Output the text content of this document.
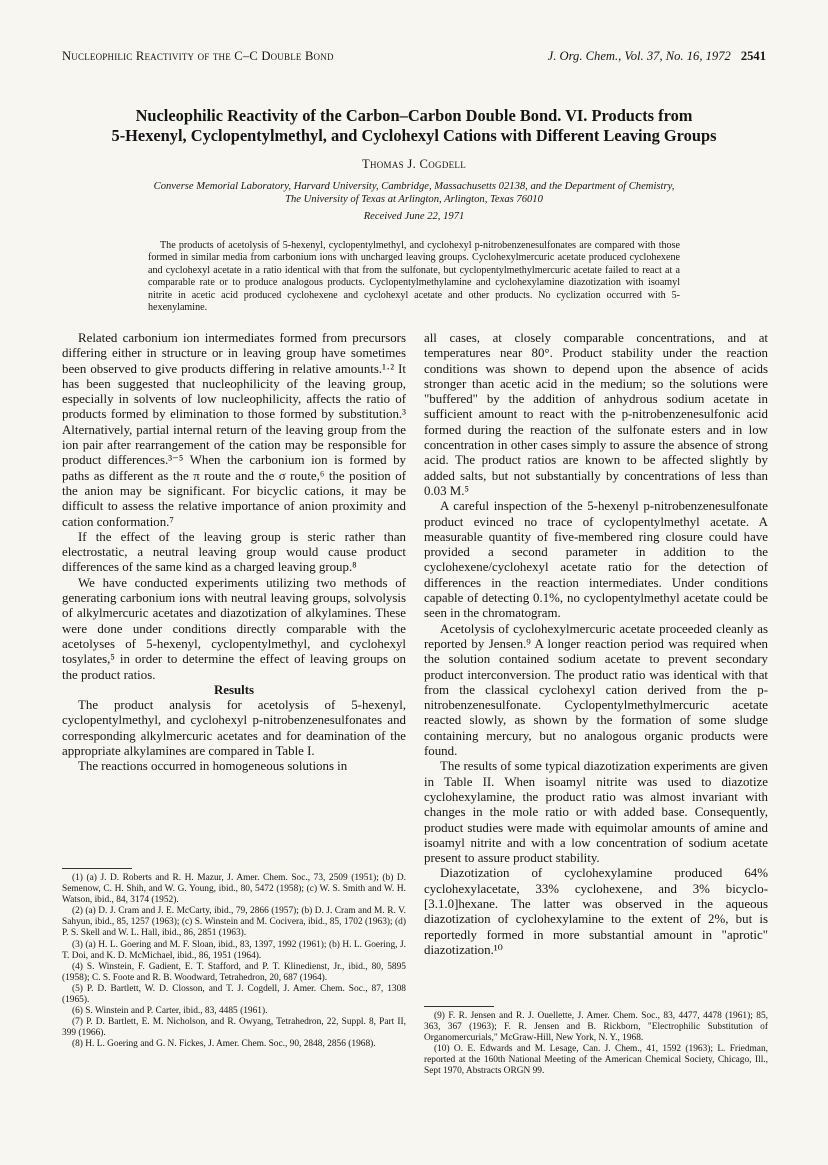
Nucleophilic Reactivity of the C–C Double Bond	J. Org. Chem., Vol. 37, No. 16, 1972 2541
Nucleophilic Reactivity of the Carbon–Carbon Double Bond. VI. Products from
5-Hexenyl, Cyclopentylmethyl, and Cyclohexyl Cations with Different Leaving Groups
Thomas J. Cogdell
Converse Memorial Laboratory, Harvard University, Cambridge, Massachusetts 02138, and the Department of Chemistry,
The University of Texas at Arlington, Arlington, Texas 76010
Received June 22, 1971

The products of acetolysis of 5-hexenyl, cyclopentylmethyl, and cyclohexyl p-nitrobenzenesulfonates are compared with those formed in similar media from carbonium ions with uncharged leaving groups. Cyclohexylmercuric acetate produced cyclohexene and cyclohexyl acetate in a ratio identical with that from the sulfonate, but cyclopentylmethylmercuric acetate failed to react at a comparable rate or to produce analogous products. Cyclopentylmethylamine and cyclohexylamine diazotization with isoamyl nitrite in acetic acid produced cyclohexene and cyclohexyl acetate and other products. No cyclization occurred with 5-hexenylamine.

Related carbonium ion intermediates formed from precursors differing either in structure or in leaving group have sometimes been observed to give products differing in relative amounts.¹·² It has been suggested that nucleophilicity of the leaving group, especially in solvents of low nucleophilicity, affects the ratio of products formed by elimination to those formed by substitution.³ Alternatively, partial internal return of the leaving group from the ion pair after rearrangement of the cation may be responsible for product differences.³⁻⁵ When the carbonium ion is formed by paths as different as the π route and the σ route,⁶ the position of the anion may be significant. For bicyclic cations, it may be difficult to assess the relative importance of anion proximity and cation conformation.⁷

If the effect of the leaving group is steric rather than electrostatic, a neutral leaving group would cause product differences of the same kind as a charged leaving group.⁸

We have conducted experiments utilizing two methods of generating carbonium ions with neutral leaving groups, solvolysis of alkylmercuric acetates and diazotization of alkylamines. These were done under conditions directly comparable with the acetolyses of 5-hexenyl, cyclopentylmethyl, and cyclohexyl tosylates,⁵ in order to determine the effect of leaving groups on the product ratios.

Results

The product analysis for acetolysis of 5-hexenyl, cyclopentylmethyl, and cyclohexyl p-nitrobenzenesulfonates and corresponding alkylmercuric acetates and for deamination of the appropriate alkylamines are compared in Table I.

The reactions occurred in homogeneous solutions in

(1) (a) J. D. Roberts and R. H. Mazur, J. Amer. Chem. Soc., 73, 2509 (1951); (b) D. Semenow, C. H. Shih, and W. G. Young, ibid., 80, 5472 (1958); (c) W. S. Smith and W. H. Watson, ibid., 84, 3174 (1952).

(2) (a) D. J. Cram and J. E. McCarty, ibid., 79, 2866 (1957); (b) D. J. Cram and M. R. V. Sahyun, ibid., 85, 1257 (1963); (c) S. Winstein and M. Cocivera, ibid., 85, 1702 (1963); (d) P. S. Skell and W. L. Hall, ibid., 86, 2851 (1963).

(3) (a) H. L. Goering and M. F. Sloan, ibid., 83, 1397, 1992 (1961); (b) H. L. Goering, J. T. Doi, and K. D. McMichael, ibid., 86, 1951 (1964).

(4) S. Winstein, F. Gadient, E. T. Stafford, and P. T. Klinedienst, Jr., ibid., 80, 5895 (1958); C. S. Foote and R. B. Woodward, Tetrahedron, 20, 687 (1964).

(5) P. D. Bartlett, W. D. Closson, and T. J. Cogdell, J. Amer. Chem. Soc., 87, 1308 (1965).

(6) S. Winstein and P. Carter, ibid., 83, 4485 (1961).

(7) P. D. Bartlett, E. M. Nicholson, and R. Owyang, Tetrahedron, 22, Suppl. 8, Part II, 399 (1966).

(8) H. L. Goering and G. N. Fickes, J. Amer. Chem. Soc., 90, 2848, 2856 (1968).

all cases, at closely comparable concentrations, and at temperatures near 80°. Product stability under the reaction conditions was shown to depend upon the absence of acids stronger than acetic acid in the medium; so the solutions were "buffered" by the addition of anhydrous sodium acetate in sufficient amount to react with the p-nitrobenzenesulfonic acid formed during the reaction of the sulfonate esters and in low concentration in other cases simply to assure the absence of strong acid. The product ratios are known to be affected slightly by added salts, but not substantially by concentrations of less than 0.03 M.⁵

A careful inspection of the 5-hexenyl p-nitrobenzenesulfonate product evinced no trace of cyclopentylmethyl acetate. A measurable quantity of five-membered ring closure could have provided a second parameter in addition to the cyclohexene/cyclohexyl acetate ratio for the detection of differences in the reaction intermediates. Under conditions capable of detecting 0.1%, no cyclopentylmethyl acetate could be seen in the chromatogram.

Acetolysis of cyclohexylmercuric acetate proceeded cleanly as reported by Jensen.⁹ A longer reaction period was required when the solution contained sodium acetate to prevent secondary product interconversion. The product ratio was identical with that from the classical cyclohexyl cation derived from the p-nitrobenzenesulfonate. Cyclopentylmethylmercuric acetate reacted slowly, as shown by the formation of some sludge containing mercury, but no analogous organic products were found.

The results of some typical diazotization experiments are given in Table II. When isoamyl nitrite was used to diazotize cyclohexylamine, the product ratio was almost invariant with changes in the mole ratio or with added base. Consequently, product studies were made with equimolar amounts of amine and isoamyl nitrite and with a low concentration of sodium acetate present to assure product stability.

Diazotization of cyclohexylamine produced 64% cyclohexylacetate, 33% cyclohexene, and 3% bicyclo-[3.1.0]hexane. The latter was observed in the aqueous diazotization of cyclohexylamine to the extent of 2%, but is reportedly formed in more substantial amount in "aprotic" diazotization.¹⁰

(9) F. R. Jensen and R. J. Ouellette, J. Amer. Chem. Soc., 83, 4477, 4478 (1961); 85, 363, 367 (1963); F. R. Jensen and B. Rickborn, "Electrophilic Substitution of Organomercurials," McGraw-Hill, New York, N. Y., 1968.

(10) O. E. Edwards and M. Lesage, Can. J. Chem., 41, 1592 (1963); L. Friedman, reported at the 160th National Meeting of the American Chemical Society, Chicago, Ill., Sept 1970, Abstracts ORGN 99.
